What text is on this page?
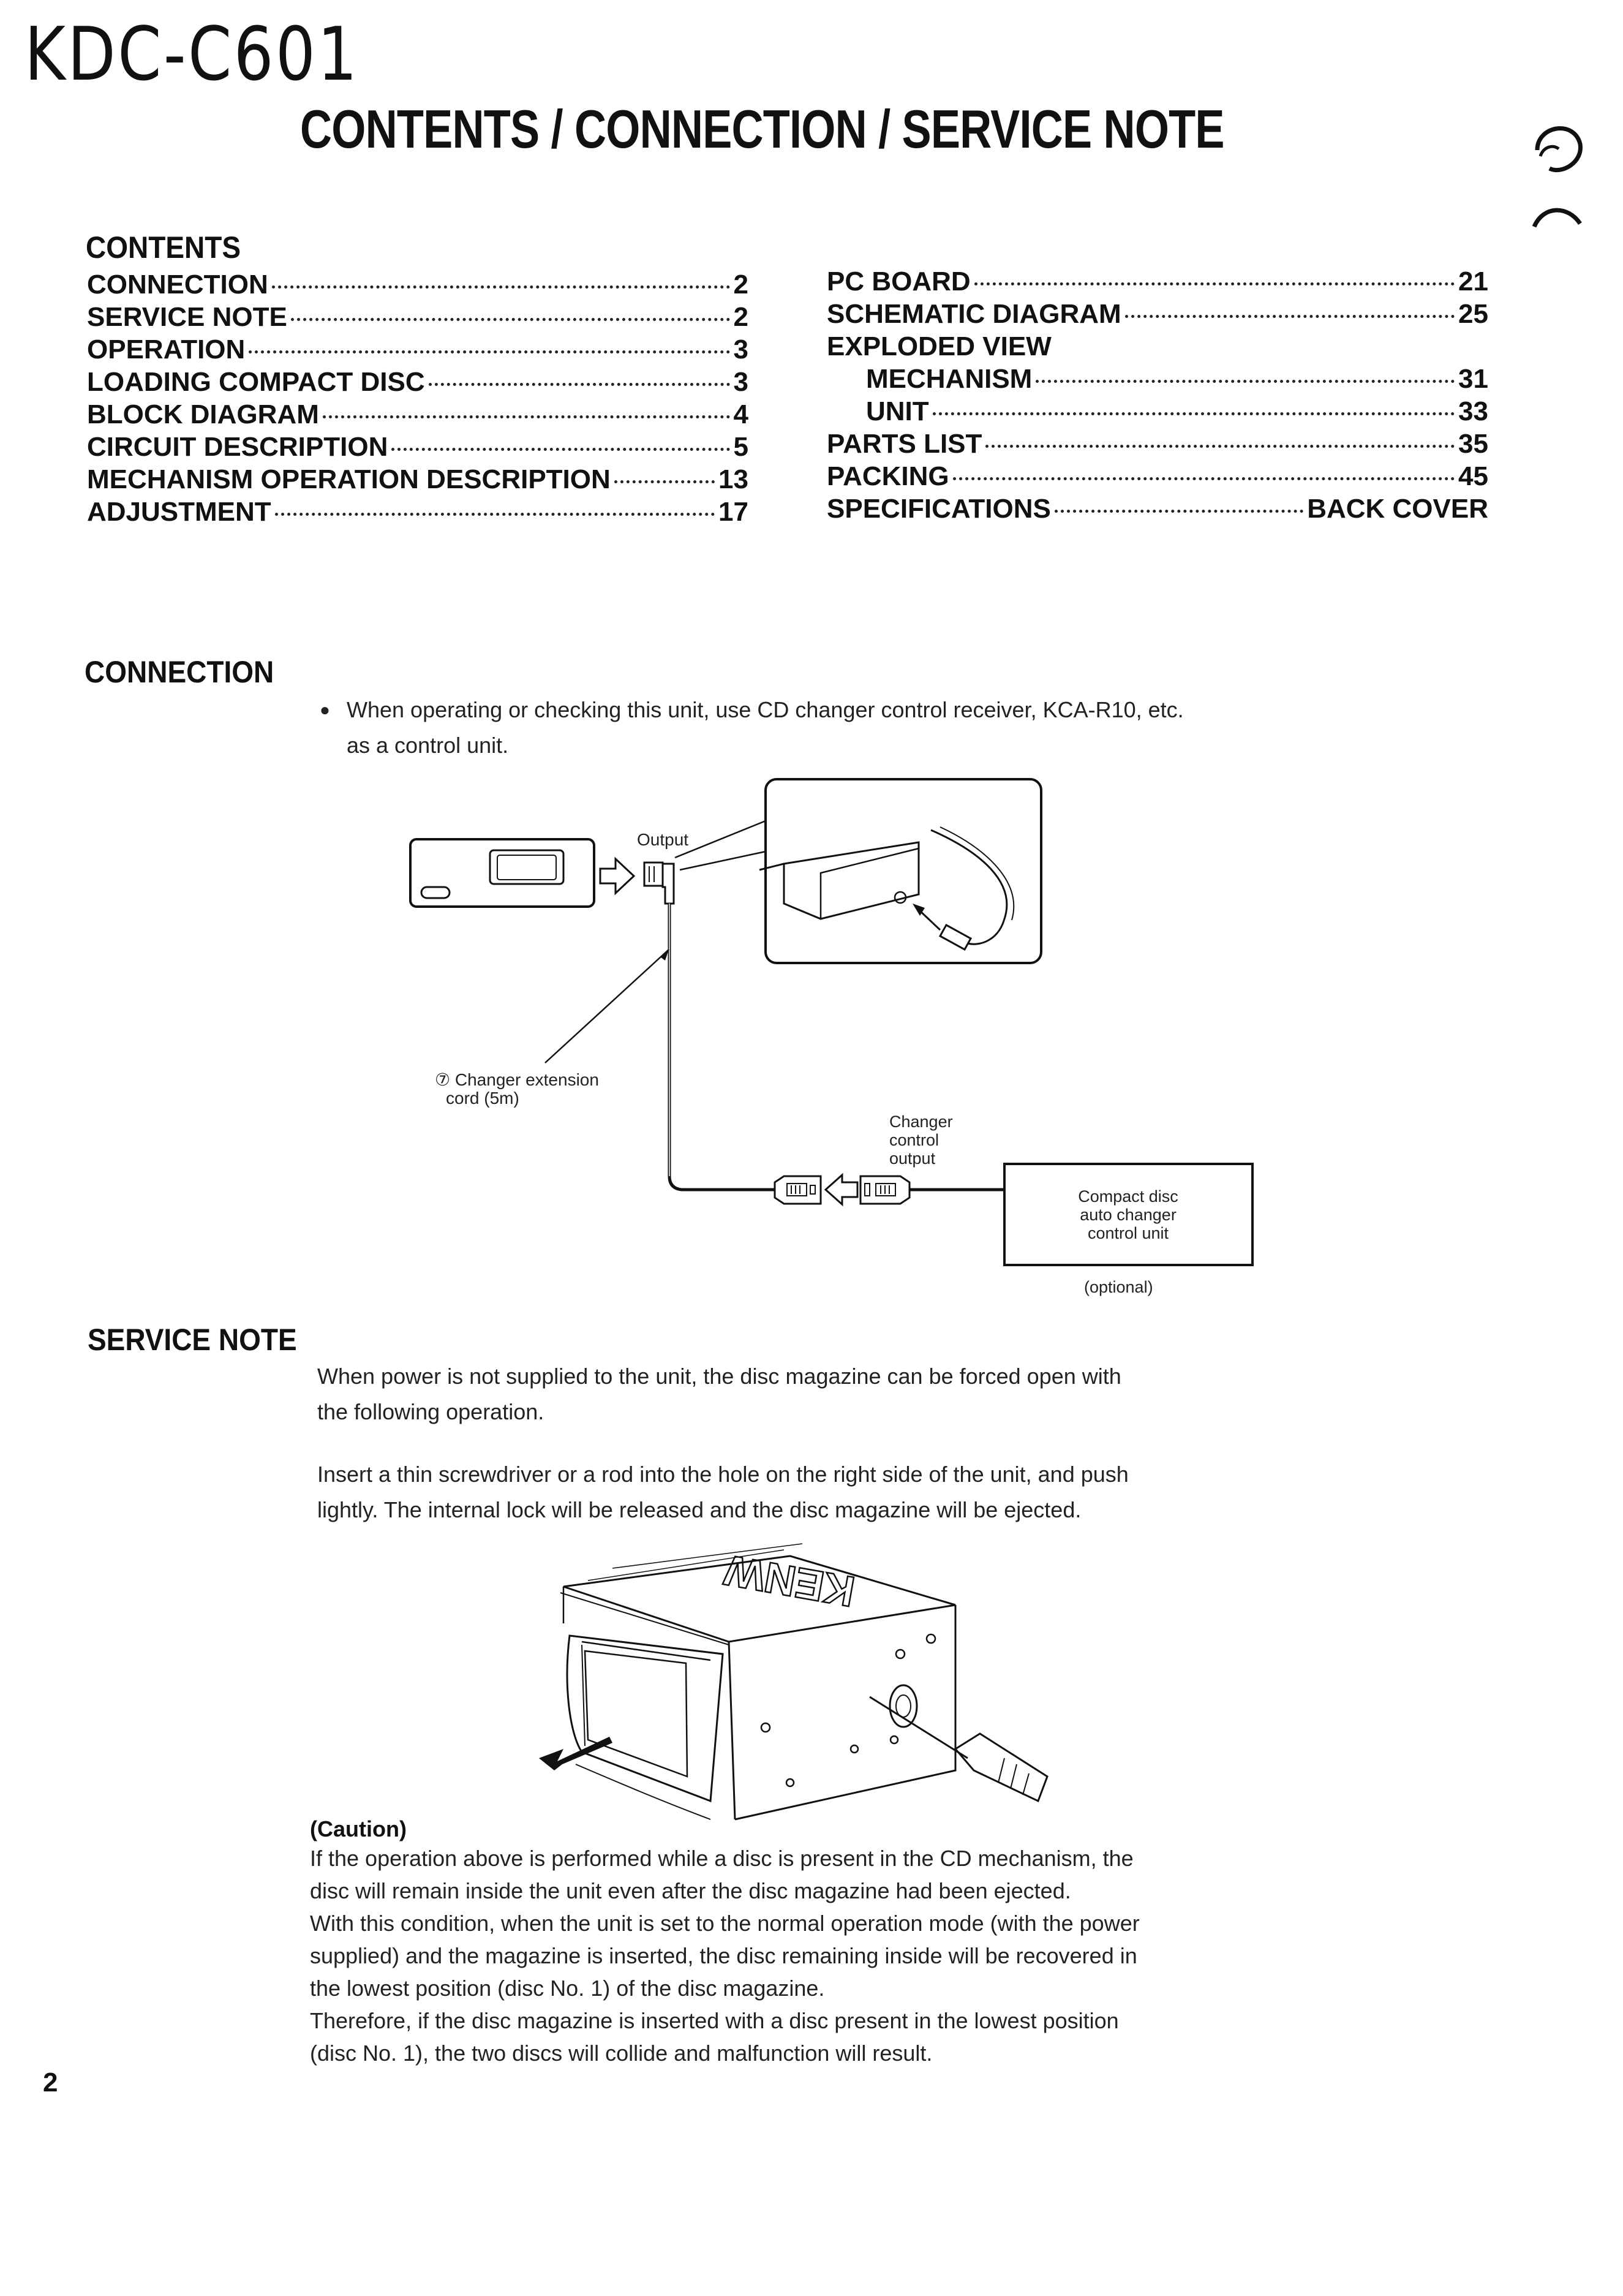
KDC-C601
CONTENTS / CONNECTION / SERVICE NOTE
CONTENTS
CONNECTION	2
SERVICE NOTE	2
OPERATION	3
LOADING COMPACT DISC	3
BLOCK DIAGRAM	4
CIRCUIT DESCRIPTION	5
MECHANISM OPERATION DESCRIPTION	13
ADJUSTMENT	17
PC BOARD	21
SCHEMATIC DIAGRAM	25
EXPLODED VIEW
MECHANISM	31
UNIT	33
PARTS LIST	35
PACKING	45
SPECIFICATIONS	BACK COVER
CONNECTION
● When operating or checking this unit, use CD changer control receiver, KCA-R10, etc.
as a control unit.
Output
⑦ Changer extension
cord (5m)
Changer
control
output
Compact disc
auto changer
control unit
(optional)
SERVICE NOTE
When power is not supplied to the unit, the disc magazine can be forced open with
the following operation.
Insert a thin screwdriver or a rod into the hole on the right side of the unit, and push
lightly. The internal lock will be released and the disc magazine will be ejected.
KENW
(Caution)
If the operation above is performed while a disc is present in the CD mechanism, the
disc will remain inside the unit even after the disc magazine had been ejected.
With this condition, when the unit is set to the normal operation mode (with the power
supplied) and the magazine is inserted, the disc remaining inside will be recovered in
the lowest position (disc No. 1) of the disc magazine.
Therefore, if the disc magazine is inserted with a disc present in the lowest position
(disc No. 1), the two discs will collide and malfunction will result.
2
